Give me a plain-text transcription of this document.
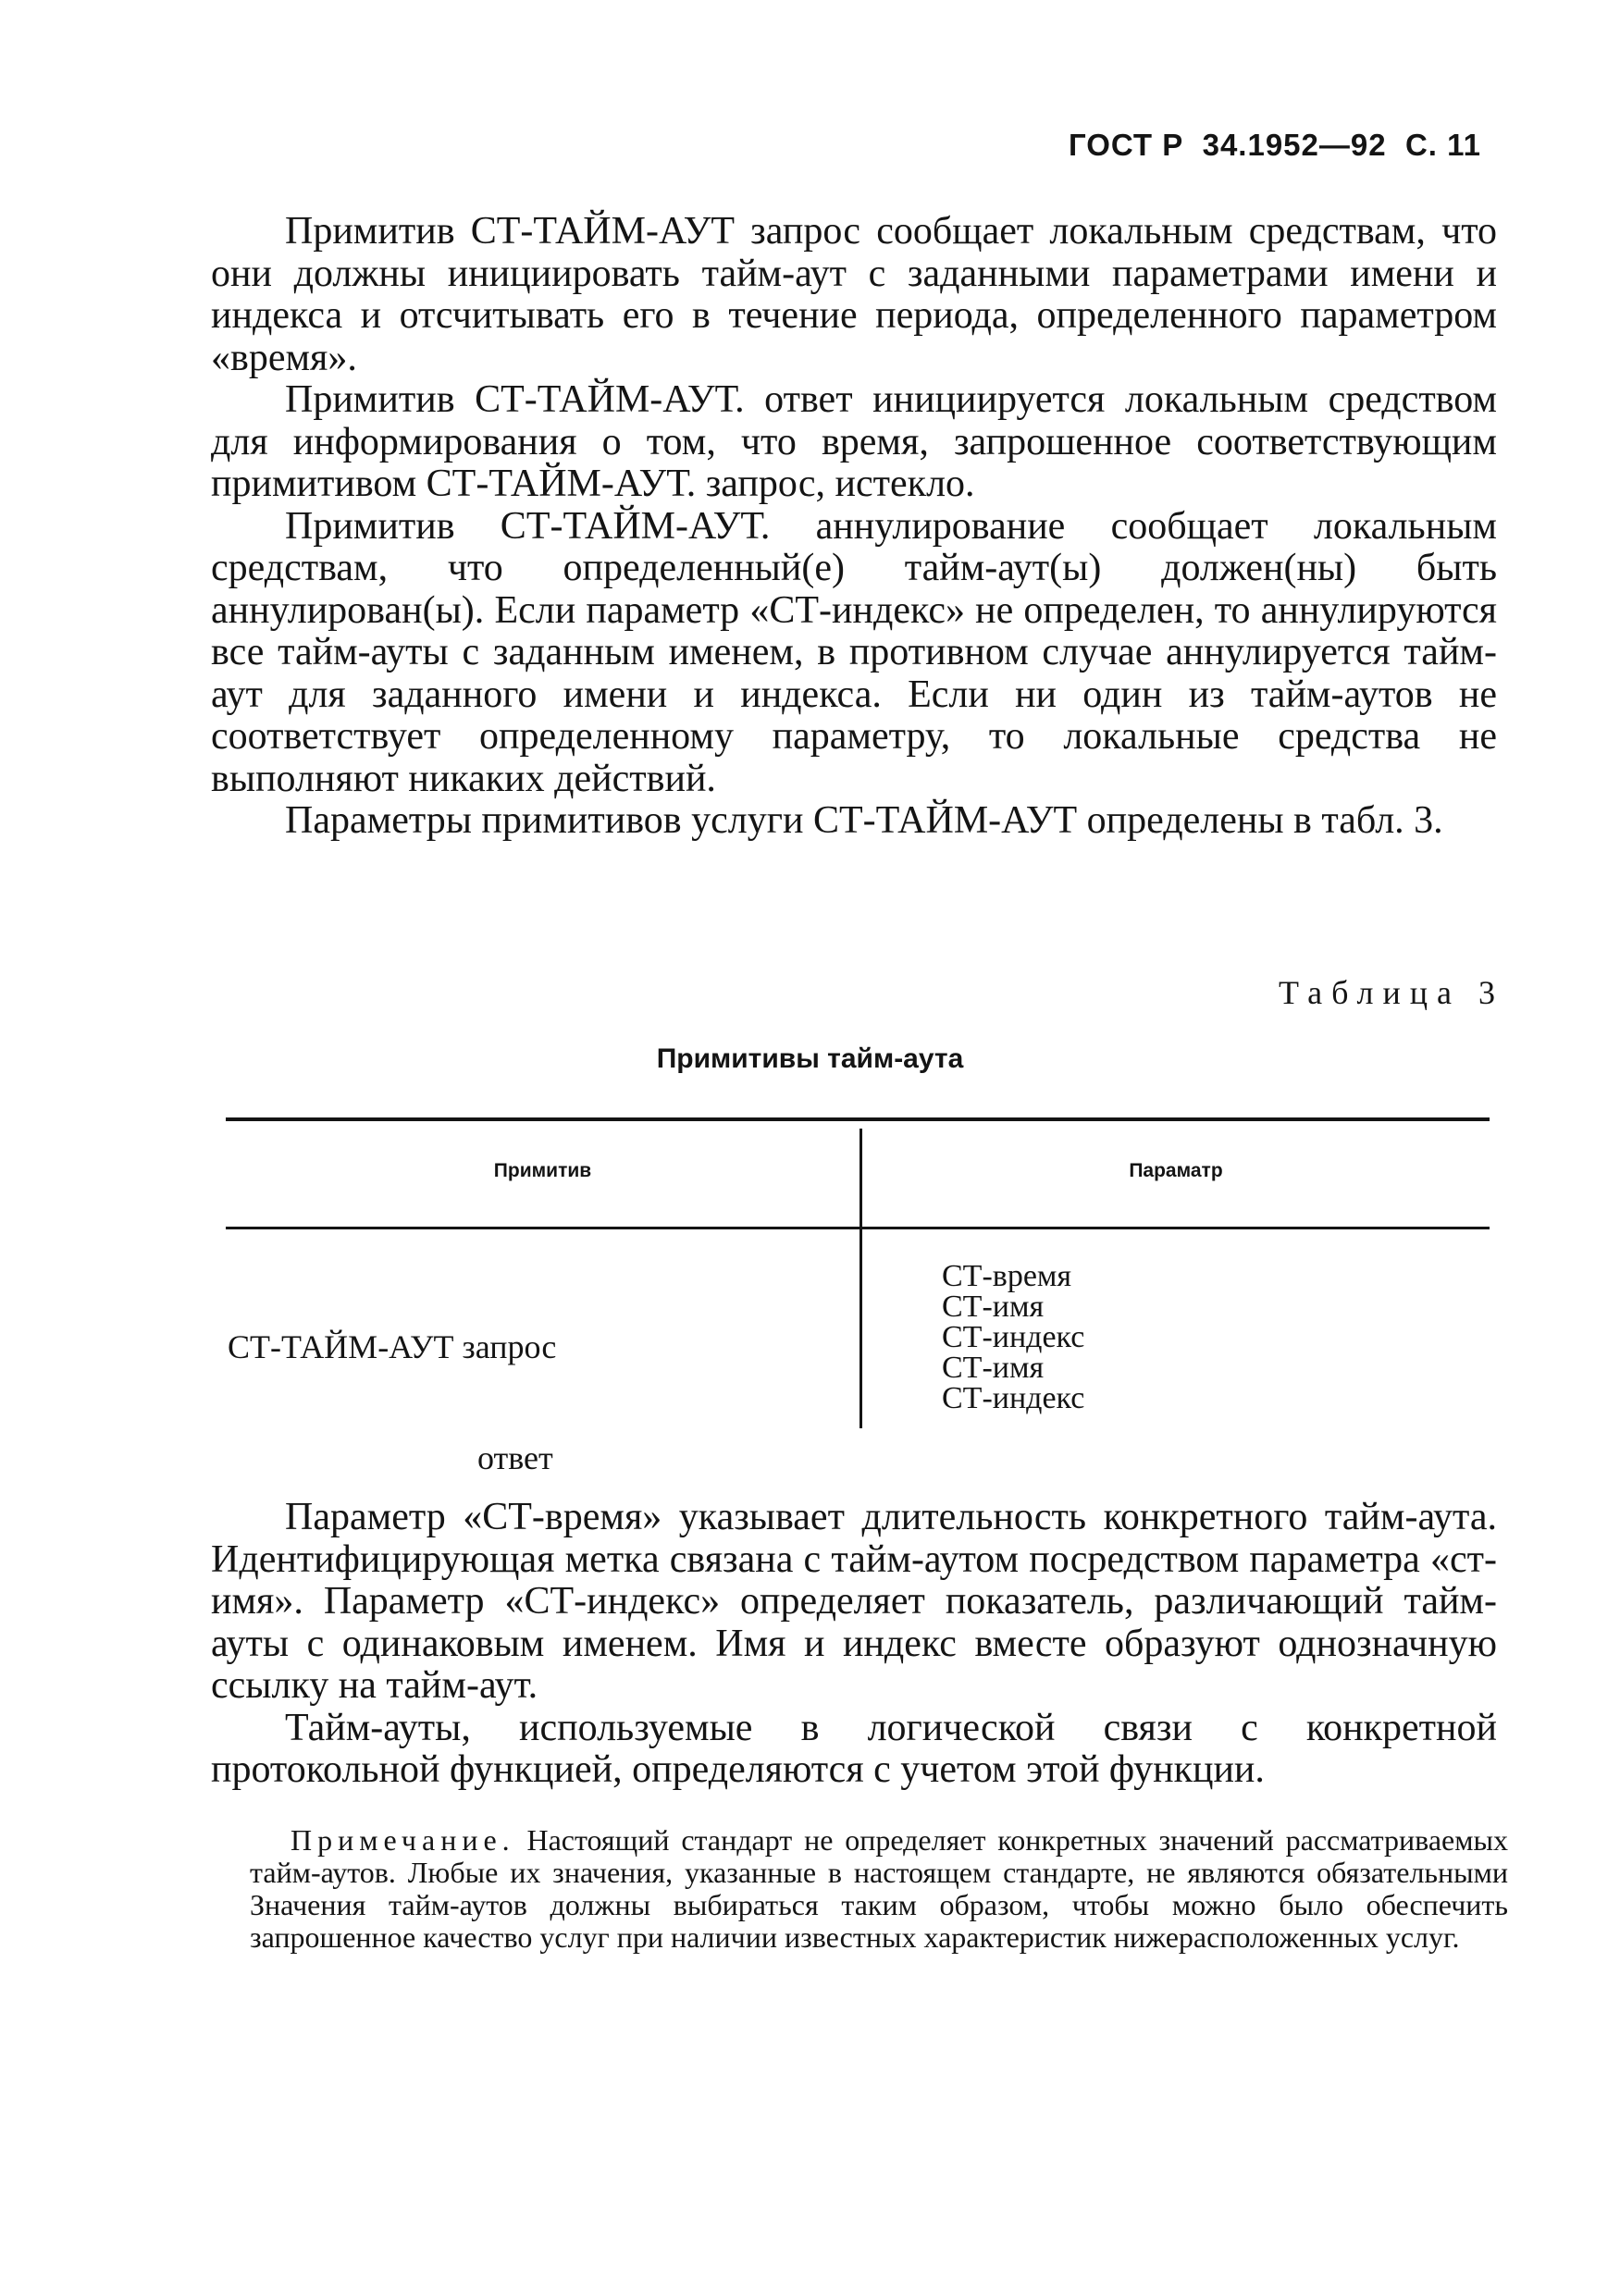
ГОСТ Р  34.1952—92 С. 11

Примитив СТ-ТАЙМ-АУТ запрос сообщает локальным средствам, что они должны инициировать тайм-аут с заданными параметрами имени и индекса и отсчитывать его в течение периода, определенного параметром «время».

Примитив СТ-ТАЙМ-АУТ. ответ инициируется локальным средством для информирования о том, что время, запрошенное соответствующим примитивом СТ-ТАЙМ-АУТ. запрос, истекло.

Примитив СТ-ТАЙМ-АУТ. аннулирование сообщает локальным средствам, что определенный(е) тайм-аут(ы) должен(ны) быть аннулирован(ы). Если параметр «СТ-индекс» не определен, то аннулируются все тайм-ауты с заданным именем, в противном случае аннулируется тайм-аут для заданного имени и индекса. Если ни один из тайм-аутов не соответствует определенному параметру, то локальные средства не выполняют никаких действий.

Параметры примитивов услуги СТ-ТАЙМ-АУТ определены в табл. 3.

Таблица 3
Примитивы тайм-аута
Примитив	Параматр

СТ-ТАЙМ-АУТ запрос

ответ

СТ-время
СТ-имя
СТ-индекс
СТ-имя
СТ-индекс

Параметр «СТ-время» указывает длительность конкретного тайм-аута. Идентифицирующая метка связана с тайм-аутом посредством параметра «ст-имя». Параметр «СТ-индекс» определяет показатель, различающий тайм-ауты с одинаковым именем. Имя и индекс вместе образуют однозначную ссылку на тайм-аут.

Тайм-ауты, используемые в логической связи с конкретной протокольной функцией, определяются с учетом этой функции.

Примечание. Настоящий стандарт не определяет конкретных значений рассматриваемых тайм-аутов. Любые их значения, указанные в настоящем стандарте, не являются обязательными Значения тайм-аутов должны выбираться таким образом, чтобы можно было обеспечить запрошенное качество услуг при наличии известных характеристик нижерасположенных услуг.
